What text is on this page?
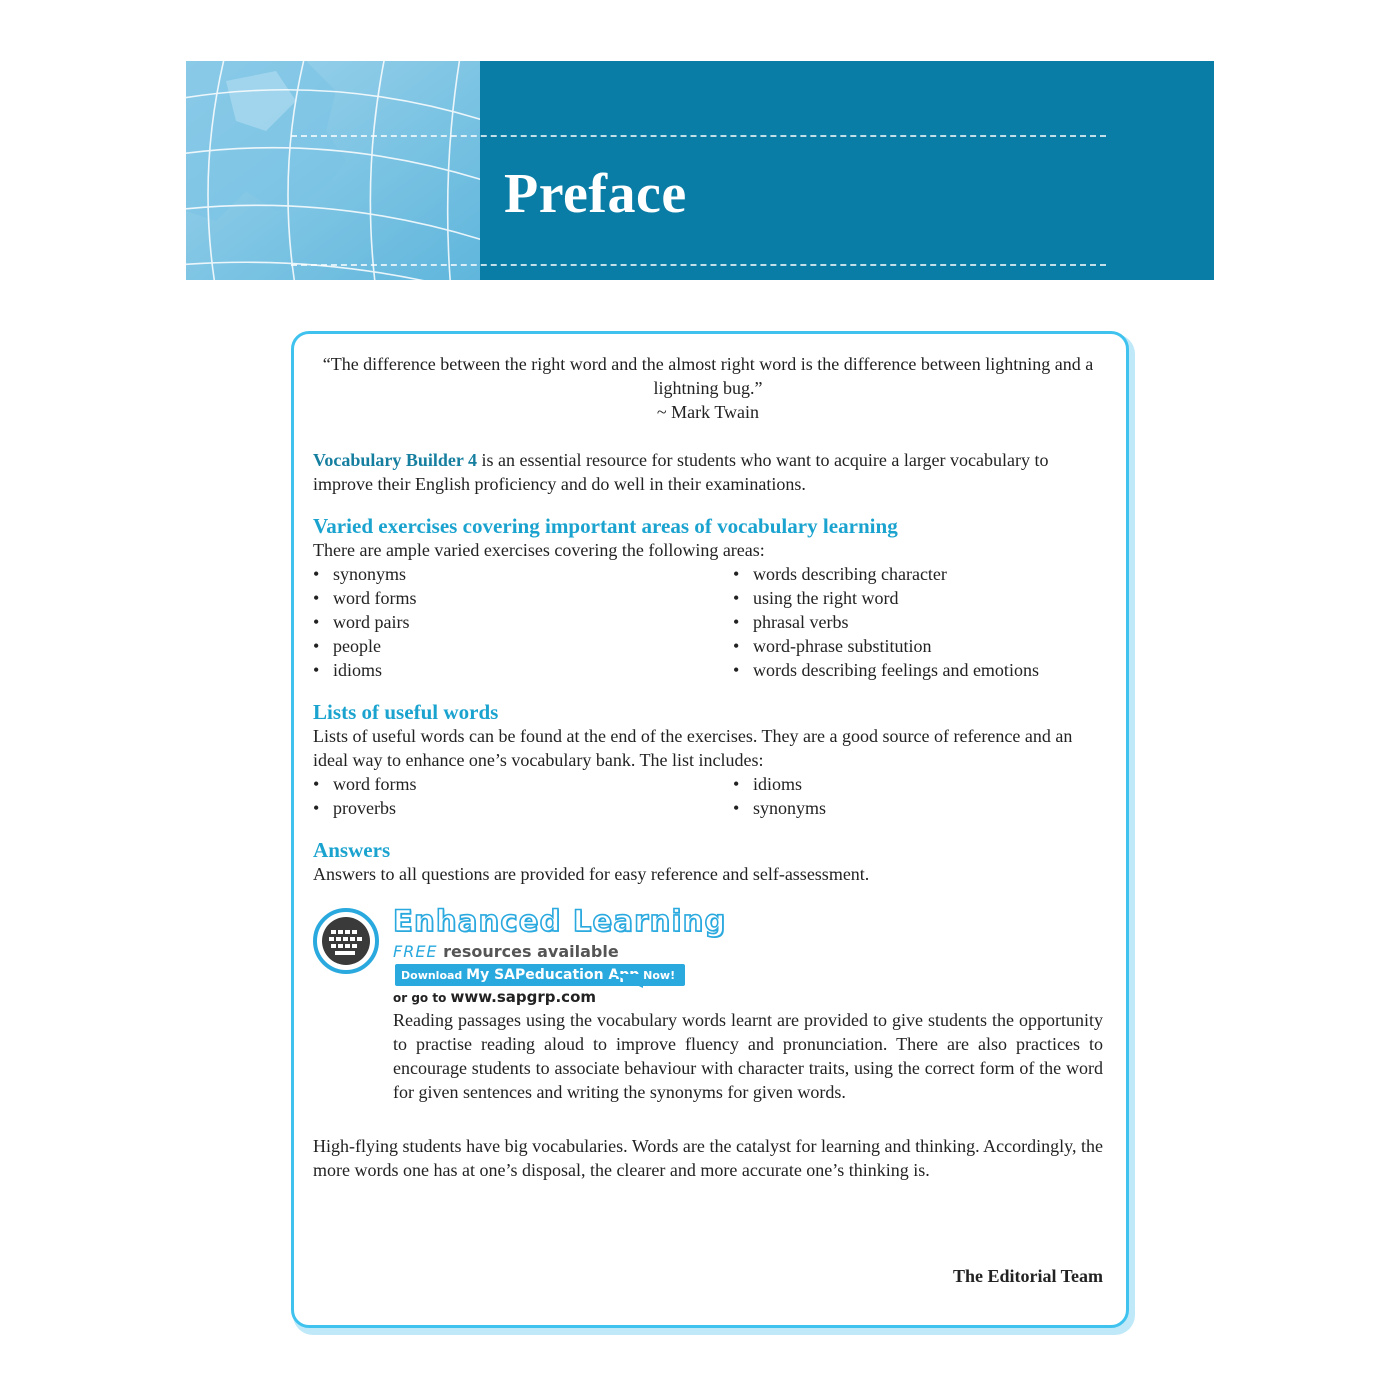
Preface

“The difference between the right word and the almost right word is the difference between lightning and a lightning bug.”

~ Mark Twain

Vocabulary Builder 4 is an essential resource for students who want to acquire a larger vocabulary to improve their English proficiency and do well in their examinations.

Varied exercises covering important areas of vocabulary learning

There are ample varied exercises covering the following areas:

• synonyms
• word forms
• word pairs
• people
• idioms
• words describing character
• using the right word
• phrasal verbs
• word-phrase substitution
• words describing feelings and emotions
Lists of useful words

Lists of useful words can be found at the end of the exercises. They are a good source of reference and an ideal way to enhance one’s vocabulary bank. The list includes:

• word forms
• proverbs
• idioms
• synonyms
Answers

Answers to all questions are provided for easy reference and self-assessment.

Enhanced Learning
FREE resources available
Download My SAPeducation App Now!
or go to www.sapgrp.com

Reading passages using the vocabulary words learnt are provided to give students the opportunity to practise reading aloud to improve fluency and pronunciation. There are also practices to encourage students to associate behaviour with character traits, using the correct form of the word for given sentences and writing the synonyms for given words.

High-flying students have big vocabularies. Words are the catalyst for learning and thinking. Accordingly, the more words one has at one’s disposal, the clearer and more accurate one’s thinking is.

The Editorial Team
